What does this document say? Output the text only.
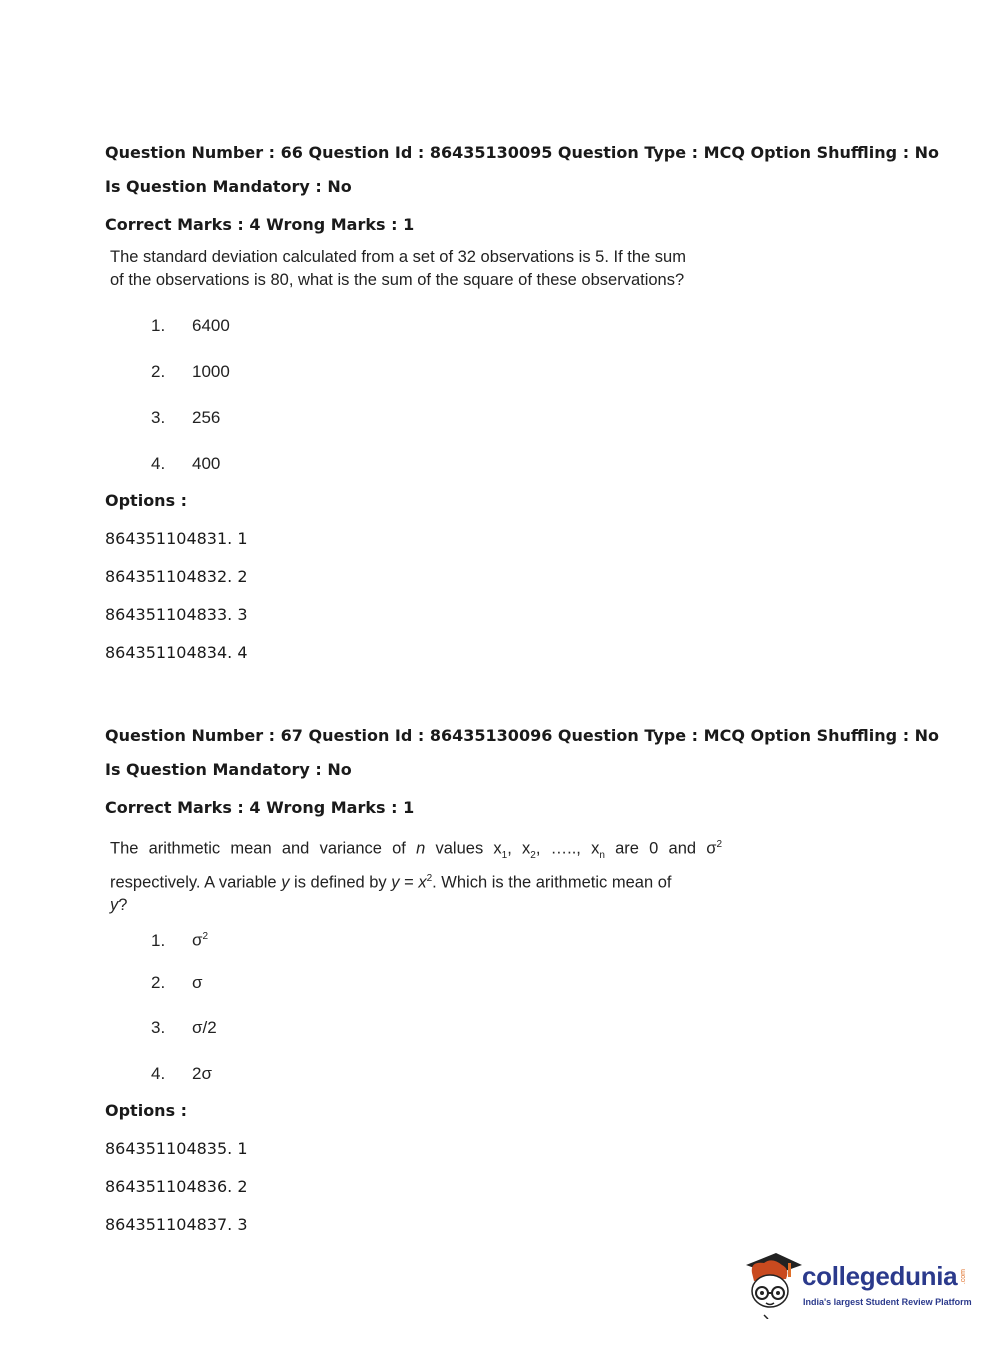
Question Number : 66 Question Id : 86435130095 Question Type : MCQ Option Shuffling : No
Is Question Mandatory : No
Correct Marks : 4 Wrong Marks : 1
The standard deviation calculated from a set of 32 observations is 5. If the sum
of the observations is 80, what is the sum of the square of these observations?
1. 6400
2. 1000
3. 256
4. 400
Options :
864351104831. 1
864351104832. 2
864351104833. 3
864351104834. 4
Question Number : 67 Question Id : 86435130096 Question Type : MCQ Option Shuffling : No
Is Question Mandatory : No
Correct Marks : 4 Wrong Marks : 1
The arithmetic mean and variance of n values $x_1$, $x_2$, ….., $x_n$ are 0 and $\sigma^2$
respectively. A variable y is defined by $y = x^2$. Which is the arithmetic mean of
y?
1. $\sigma^2$
2. σ
3. σ/2
4. 2σ
Options :
864351104835. 1
864351104836. 2
864351104837. 3
collegedunia .com
India's largest Student Review Platform
